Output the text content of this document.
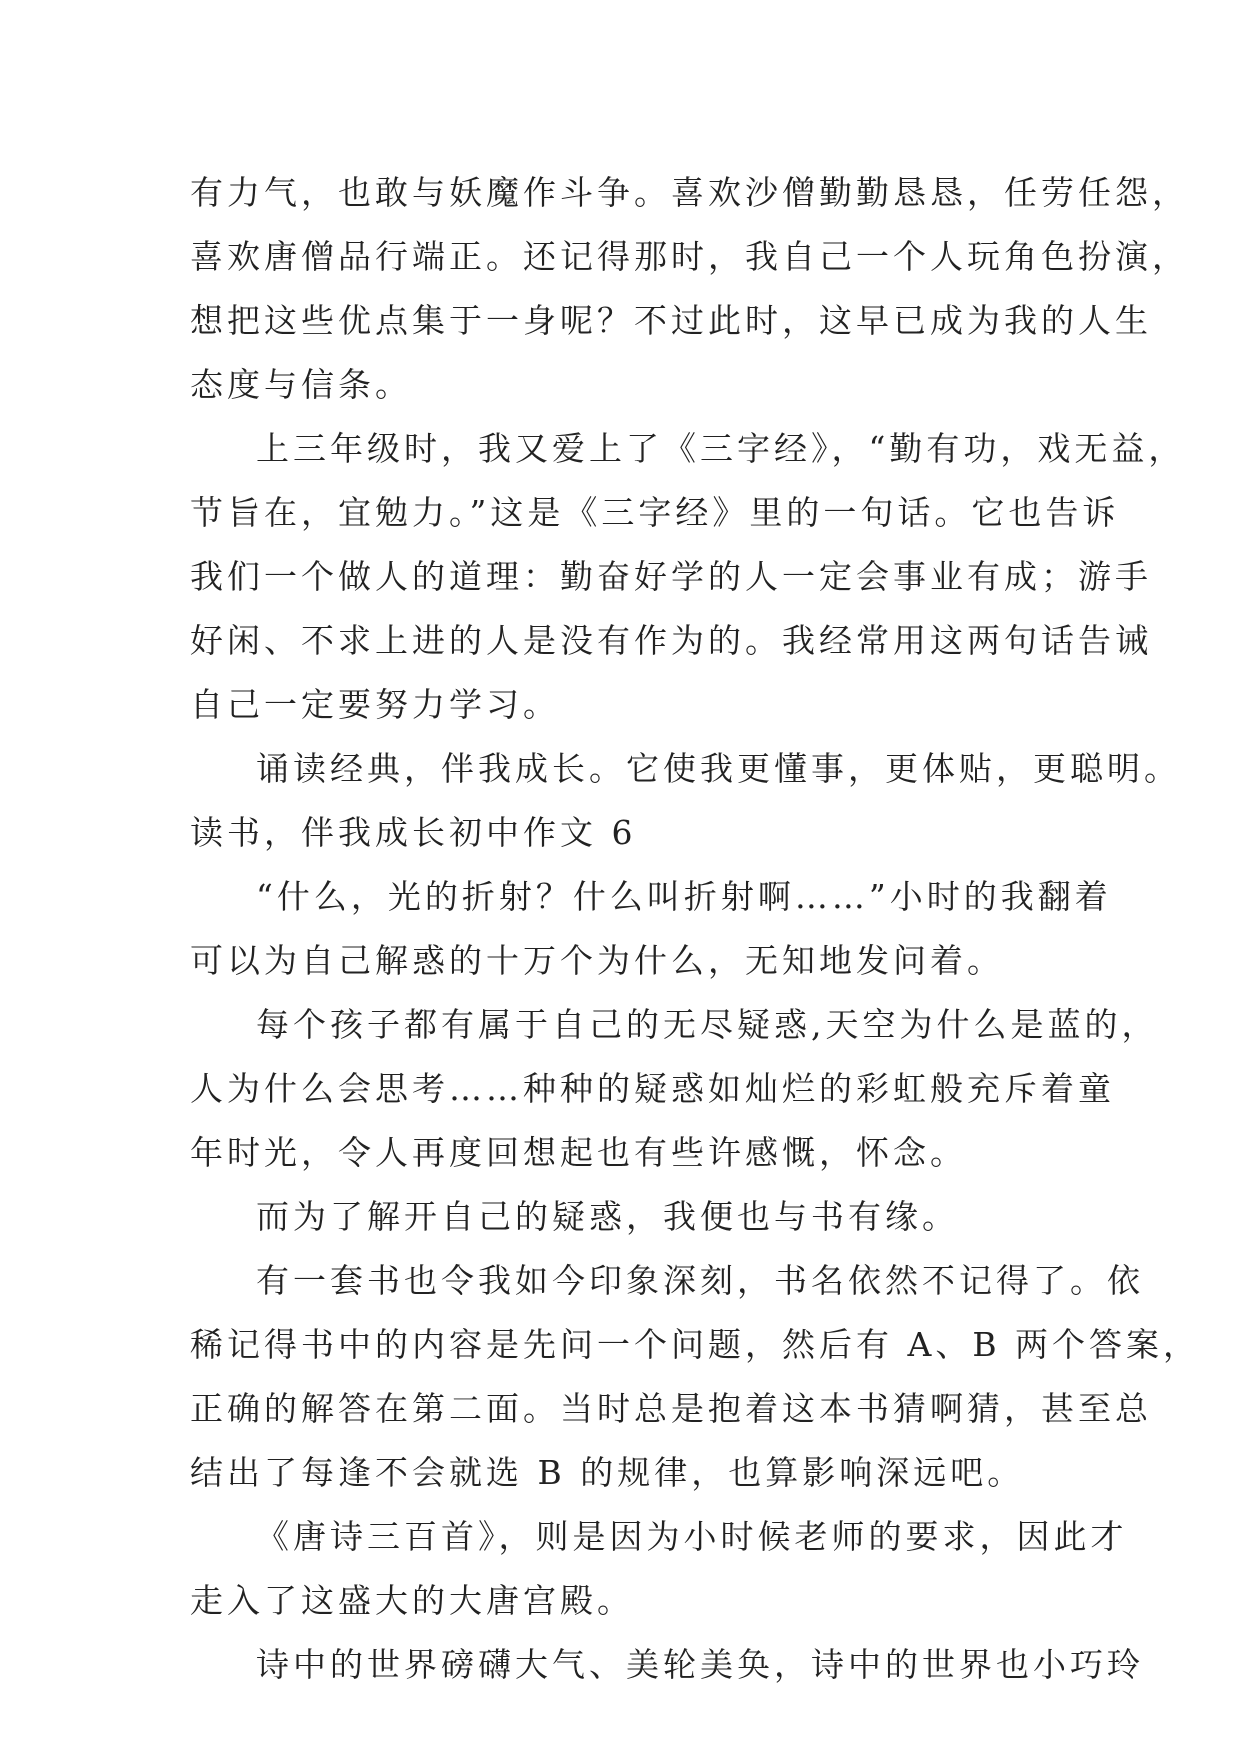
有力气，也敢与妖魔作斗争。喜欢沙僧勤勤恳恳，任劳任怨，
喜欢唐僧品行端正。还记得那时，我自己一个人玩角色扮演，
想把这些优点集于一身呢？不过此时，这早已成为我的人生
态度与信条。
上三年级时，我又爱上了《三字经》，“勤有功，戏无益，
节旨在，宜勉力。”这是《三字经》里的一句话。它也告诉
我们一个做人的道理：勤奋好学的人一定会事业有成；游手
好闲、不求上进的人是没有作为的。我经常用这两句话告诫
自己一定要努力学习。
诵读经典，伴我成长。它使我更懂事，更体贴，更聪明。
读书，伴我成长初中作文 6
“什么，光的折射？什么叫折射啊……”小时的我翻着
可以为自己解惑的十万个为什么，无知地发问着。
每个孩子都有属于自己的无尽疑惑,天空为什么是蓝的，
人为什么会思考……种种的疑惑如灿烂的彩虹般充斥着童
年时光，令人再度回想起也有些许感慨，怀念。
而为了解开自己的疑惑，我便也与书有缘。
有一套书也令我如今印象深刻，书名依然不记得了。依
稀记得书中的内容是先问一个问题，然后有 A、B 两个答案，
正确的解答在第二面。当时总是抱着这本书猜啊猜，甚至总
结出了每逢不会就选 B 的规律，也算影响深远吧。
《唐诗三百首》，则是因为小时候老师的要求，因此才
走入了这盛大的大唐宫殿。
诗中的世界磅礴大气、美轮美奂，诗中的世界也小巧玲
